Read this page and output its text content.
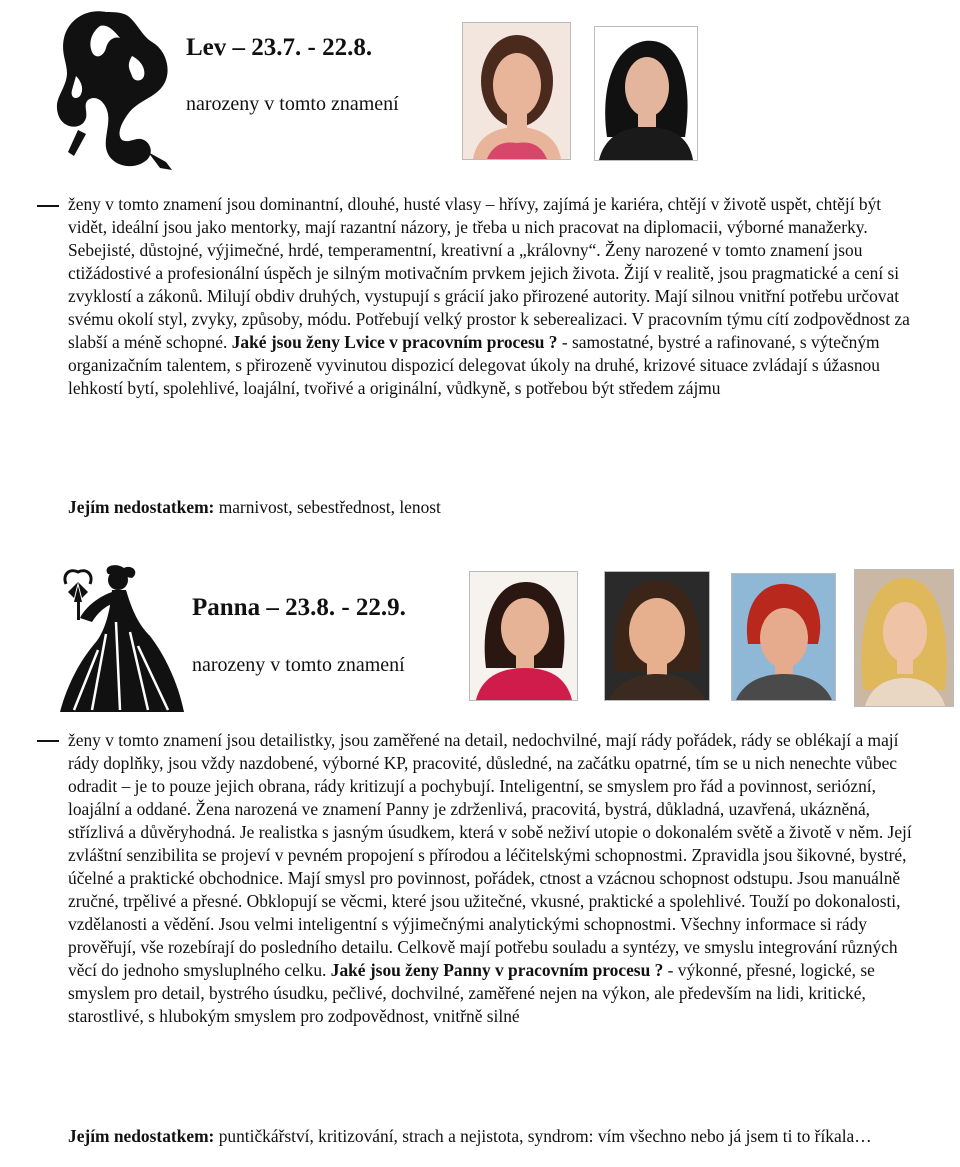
Lev – 23.7. - 22.8.
narozeny v tomto znamení

ženy v tomto znamení jsou dominantní, dlouhé, husté vlasy – hřívy, zajímá je kariéra, chtějí v životě uspět, chtějí být vidět, ideální jsou jako mentorky, mají razantní názory, je třeba u nich pracovat na diplomacii, výborné manažerky. Sebejisté, důstojné, výjimečné, hrdé, temperamentní, kreativní a „královny“. Ženy narozené v tomto znamení jsou ctižádostivé a profesionální úspěch je silným motivačním prvkem jejich života. Žijí v realitě, jsou pragmatické a cení si zvyklostí a zákonů. Milují obdiv druhých, vystupují s grácií jako přirozené autority. Mají silnou vnitřní potřebu určovat svému okolí styl, zvyky, způsoby, módu. Potřebují velký prostor k seberealizaci. V pracovním týmu cítí zodpovědnost za slabší a méně schopné. Jaké jsou ženy Lvice v pracovním procesu ? - samostatné, bystré a rafinované, s výtečným organizačním talentem, s přirozeně vyvinutou dispozicí delegovat úkoly na druhé, krizové situace zvládají s úžasnou lehkostí bytí, spolehlivé, loajální, tvořivé a originální, vůdkyně, s potřebou být středem zájmu

Jejím nedostatkem: marnivost, sebestřednost, lenost

Panna – 23.8. - 22.9.
narozeny v tomto znamení

ženy v tomto znamení jsou detailistky, jsou zaměřené na detail, nedochvilné, mají rády pořádek, rády se oblékají a mají rády doplňky, jsou vždy nazdobené, výborné KP, pracovité, důsledné, na začátku opatrné, tím se u nich nenechte vůbec odradit – je to pouze jejich obrana, rády kritizují a pochybují. Inteligentní, se smyslem pro řád a povinnost, seriózní, loajální a oddané. Žena narozená ve znamení Panny je zdrženlivá, pracovitá, bystrá, důkladná, uzavřená, ukázněná, střízlivá a důvěryhodná. Je realistka s jasným úsudkem, která v sobě neživí utopie o dokonalém světě a životě v něm. Její zvláštní senzibilita se projeví v pevném propojení s přírodou a léčitelskými schopnostmi. Zpravidla jsou šikovné, bystré, účelné a praktické obchodnice. Mají smysl pro povinnost, pořádek, ctnost a vzácnou schopnost odstupu. Jsou manuálně zručné, trpělivé a přesné. Obklopují se věcmi, které jsou užitečné, vkusné, praktické a spolehlivé. Touží po dokonalosti, vzdělanosti a vědění. Jsou velmi inteligentní s výjimečnými analytickými schopnostmi. Všechny informace si rády prověřují, vše rozebírají do posledního detailu. Celkově mají potřebu souladu a syntézy, ve smyslu integrování různých věcí do jednoho smysluplného celku. Jaké jsou ženy Panny v pracovním procesu ? - výkonné, přesné, logické, se smyslem pro detail, bystrého úsudku, pečlivé, dochvilné, zaměřené nejen na výkon, ale především na lidi, kritické, starostlivé, s hlubokým smyslem pro zodpovědnost, vnitřně silné

Jejím nedostatkem: puntičkářství, kritizování, strach a nejistota, syndrom: vím všechno nebo já jsem ti to říkala…
